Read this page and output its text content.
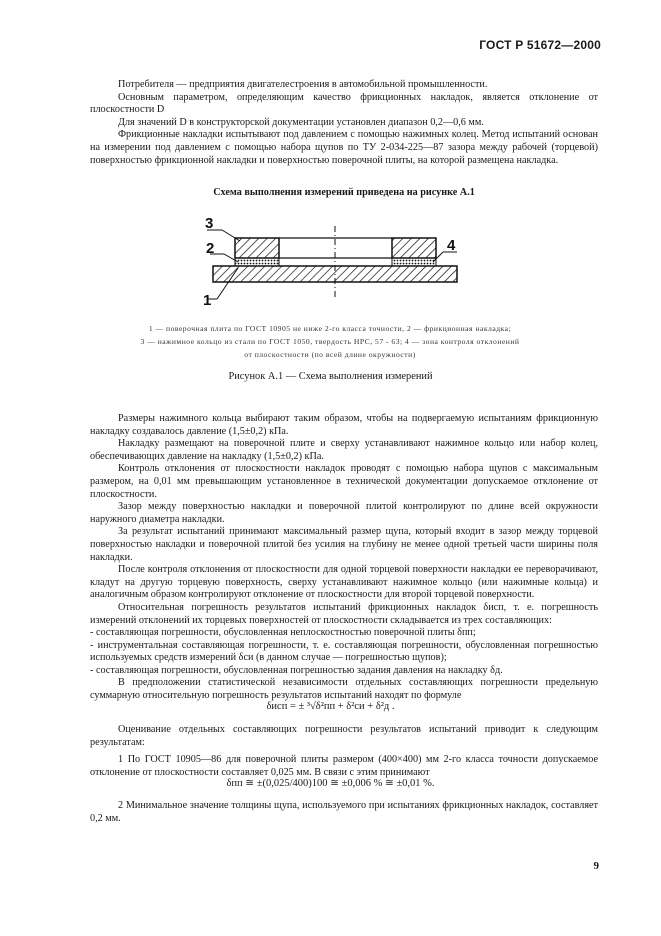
ГОСТ Р 51672—2000

Потребителя — предприятия двигателестроения в автомобильной промышленности.

Основным параметром, определяющим качество фрикционных накладок, является отклонение от плоскостности D

Для значений D в конструкторской документации установлен диапазон 0,2—0,6 мм.

Фрикционные накладки испытывают под давлением с помощью нажимных колец. Метод испытаний основан на измерении под давлением с помощью набора щупов по ТУ 2-034-225—87 зазора между рабочей (торцевой) поверхностью фрикционной накладки и поверхностью поверочной плиты, на которой размещена накладка.

Схема выполнения измерений приведена на рисунке А.1
3
2	4
1
1 — поверочная плита по ГОСТ 10905 не ниже 2-го класса точности, 2 — фрикционная накладка;
3 — нажимное кольцо из стали по ГОСТ 1050, твердость НРС, 57 - 63; 4 — зона контроля отклонений
от плоскостности (по всей длине окружности)
Рисунок А.1 — Схема выполнения измерений

Размеры нажимного кольца выбирают таким образом, чтобы на подвергаемую испытаниям фрикционную накладку создавалось давление (1,5±0,2) кПа.

Накладку размещают на поверочной плите и сверху устанавливают нажимное кольцо или набор колец, обеспечивающих давление на накладку (1,5±0,2) кПа.

Контроль отклонения от плоскостности накладок проводят с помощью набора щупов с максимальным размером, на 0,01 мм превышающим установленное в технической документации допускаемое отклонение от плоскостности.

Зазор между поверхностью накладки и поверочной плитой контролируют по длине всей окружности наружного диаметра накладки.

За результат испытаний принимают максимальный размер щупа, который входит в зазор между торцевой поверхностью накладки и поверочной плитой без усилия на глубину не менее одной третьей части ширины поля накладки.

После контроля отклонения от плоскостности для одной торцевой поверхности накладки ее переворачивают, кладут на другую торцевую поверхность, сверху устанавливают нажимное кольцо (или нажимные кольца) и аналогичным образом контролируют отклонение от плоскостности для второй торцевой поверхности.

Относительная погрешность результатов испытаний фрикционных накладок δисп, т. е. погрешность измерений отклонений их торцевых поверхностей от плоскостности складывается из трех составляющих:

- составляющая погрешности, обусловленная неплоскостностью поверочной плиты δпп;

- инструментальная составляющая погрешности, т. е. составляющая погрешности, обусловленная погрешностью используемых средств измерений δси (в данном случае — погрешностью щупов);

- составляющая погрешности, обусловленная погрешностью задания давления на накладку δд.

В предположении статистической независимости отдельных составляющих погрешности предельную суммарную относительную погрешность результатов испытаний находят по формуле

δисп = ± ³√δ²пп + δ²си + δ²д .

Оценивание отдельных составляющих погрешности результатов испытаний приводит к следующим результатам:

1 По ГОСТ 10905—86 для поверочной плиты размером (400×400) мм 2-го класса точности допускаемое отклонение от плоскостности составляет 0,025 мм. В связи с этим принимают

δпп ≅ ±(0,025/400)100 ≅ ±0,006 % ≅ ±0,01 %.

2 Минимальное значение толщины щупа, используемого при испытаниях фрикционных накладок, составляет 0,2 мм.

9
